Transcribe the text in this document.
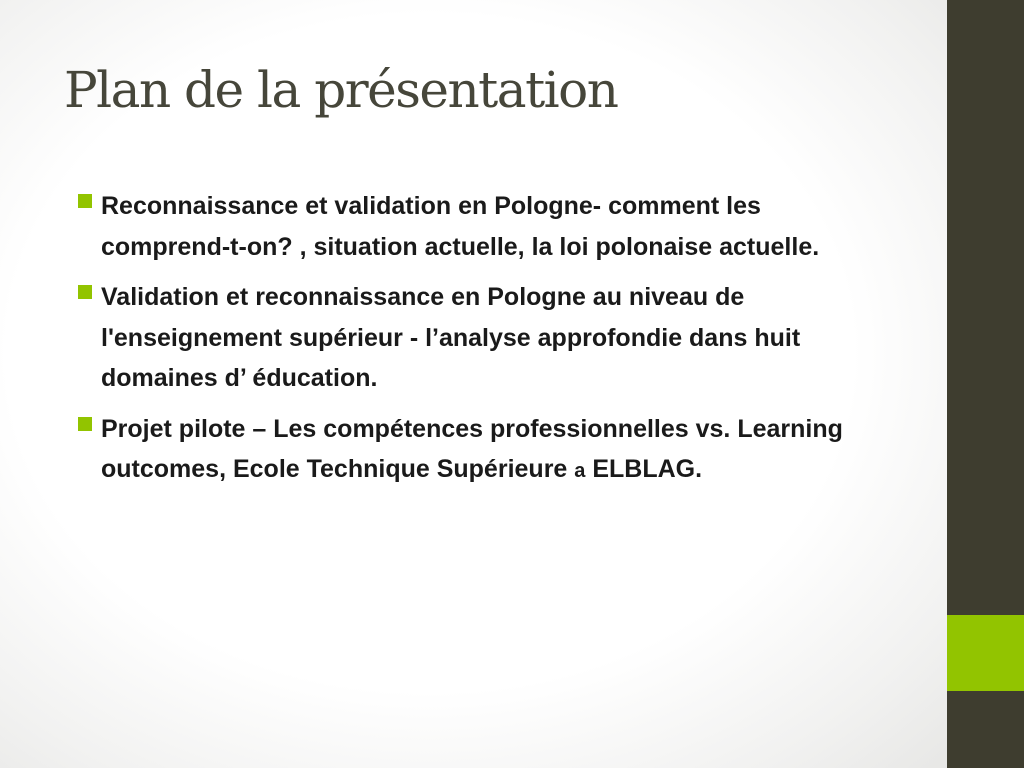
Plan de la présentation
Reconnaissance et validation en Pologne- comment les comprend-t-on? , situation actuelle, la loi polonaise actuelle.
Validation et reconnaissance en Pologne au niveau de l'enseignement supérieur - l’analyse approfondie dans huit domaines d’ éducation.
Projet pilote – Les compétences professionnelles vs. Learning outcomes, Ecole Technique Supérieure a ELBLAG.
